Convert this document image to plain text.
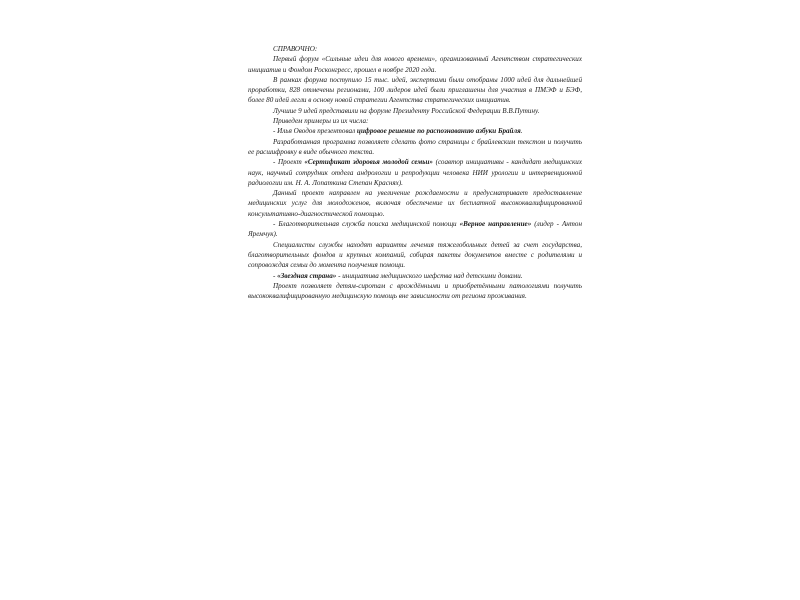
СПРАВОЧНО:

Первый форум «Сильные идеи для нового времени», организованный Агентством стратегических инициатив и Фондом Росконгресс, прошел в ноябре 2020 года.

В рамках форума поступило 15 тыс. идей, экспертами были отобраны 1000 идей для дальнейшей проработки, 828 отмечены регионами, 100 лидеров идей были приглашены для участия в ПМЭФ и БЭФ, более 80 идей легли в основу новой стратегии Агентства стратегических инициатив.

Лучшие 9 идей представили на форуме Президенту Российской Федерации В.В.Путину.

Приведем примеры из их числа:

- Илья Оводов презентовал цифровое решение по распознаванию азбуки Брайля.

Разработанная программа позволяет сделать фото страницы с брайлевским текстом и получить ее расшифровку в виде обычного текста.

- Проект «Сертификат здоровья молодой семьи» (соавтор инициативы - кандидат медицинских наук, научный сотрудник отдела андрологии и репродукции человека НИИ урологии и интервенционной радиологии им. Н. А. Лопаткина Степан Краснях).

Данный проект направлен на увеличение рождаемости и предусматривает предоставление медицинских услуг для молодоженов, включая обеспечение их бесплатной высококвалифицированной консультативно-диагностической помощью.

- Благотворительная служба поиска медицинской помощи «Верное направление» (лидер - Антон Яремчук).

Специалисты службы находят варианты лечения тяжелобольных детей за счет государства, благотворительных фондов и крупных компаний, собирая пакеты документов вместе с родителями и сопровождая семьи до момента получения помощи.

- «Звездная страна» - инициатива медицинского шефства над детскими домами.

Проект позволяет детям-сиротам с врождёнными и приобретёнными патологиями получить высококвалифицированную медицинскую помощь вне зависимости от региона проживания.
